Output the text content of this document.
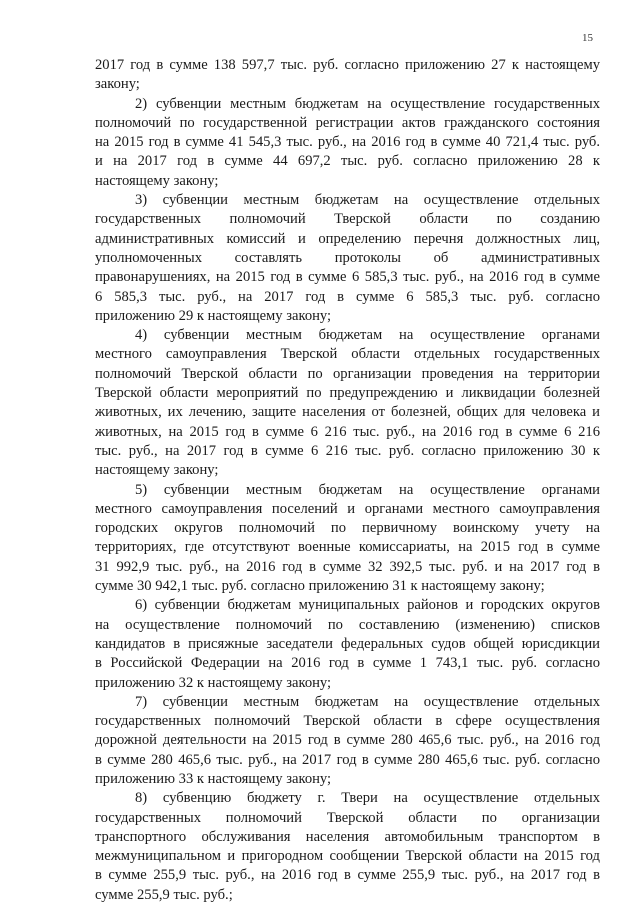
15
2017 год в сумме 138 597,7 тыс. руб. согласно приложению 27 к настоящему
закону;
2) субвенции местным бюджетам на осуществление государственных
полномочий по государственной регистрации актов гражданского состояния
на 2015 год в сумме 41 545,3 тыс. руб., на 2016 год в сумме 40 721,4 тыс. руб.
и на 2017 год в сумме 44 697,2 тыс. руб. согласно приложению 28 к
настоящему закону;
3) субвенции местным бюджетам на осуществление отдельных
государственных полномочий Тверской области по созданию
административных комиссий и определению перечня должностных лиц,
уполномоченных составлять протоколы об административных
правонарушениях, на 2015 год в сумме 6 585,3 тыс. руб., на 2016 год в сумме
6 585,3 тыс. руб., на 2017 год в сумме 6 585,3 тыс. руб. согласно
приложению 29 к настоящему закону;
4) субвенции местным бюджетам на осуществление органами
местного самоуправления Тверской области отдельных государственных
полномочий Тверской области по организации проведения на территории
Тверской области мероприятий по предупреждению и ликвидации болезней
животных, их лечению, защите населения от болезней, общих для человека и
животных, на 2015 год в сумме 6 216 тыс. руб., на 2016 год в сумме 6 216
тыс. руб., на 2017 год в сумме 6 216 тыс. руб. согласно приложению 30 к
настоящему закону;
5) субвенции местным бюджетам на осуществление органами
местного самоуправления поселений и органами местного самоуправления
городских округов полномочий по первичному воинскому учету на
территориях, где отсутствуют военные комиссариаты, на 2015 год в сумме
31 992,9 тыс. руб., на 2016 год в сумме 32 392,5 тыс. руб. и на 2017 год в
сумме 30 942,1 тыс. руб. согласно приложению 31 к настоящему закону;
6) субвенции бюджетам муниципальных районов и городских округов
на осуществление полномочий по составлению (изменению) списков
кандидатов в присяжные заседатели федеральных судов общей юрисдикции
в Российской Федерации на 2016 год в сумме 1 743,1 тыс. руб. согласно
приложению 32 к настоящему закону;
7) субвенции местным бюджетам на осуществление отдельных
государственных полномочий Тверской области в сфере осуществления
дорожной деятельности на 2015 год в сумме 280 465,6 тыс. руб., на 2016 год
в сумме 280 465,6 тыс. руб., на 2017 год в сумме 280 465,6 тыс. руб. согласно
приложению 33 к настоящему закону;
8) субвенцию бюджету г. Твери на осуществление отдельных
государственных полномочий Тверской области по организации
транспортного обслуживания населения автомобильным транспортом в
межмуниципальном и пригородном сообщении Тверской области на 2015 год
в сумме 255,9 тыс. руб., на 2016 год в сумме 255,9 тыс. руб., на 2017 год в
сумме 255,9 тыс. руб.;
